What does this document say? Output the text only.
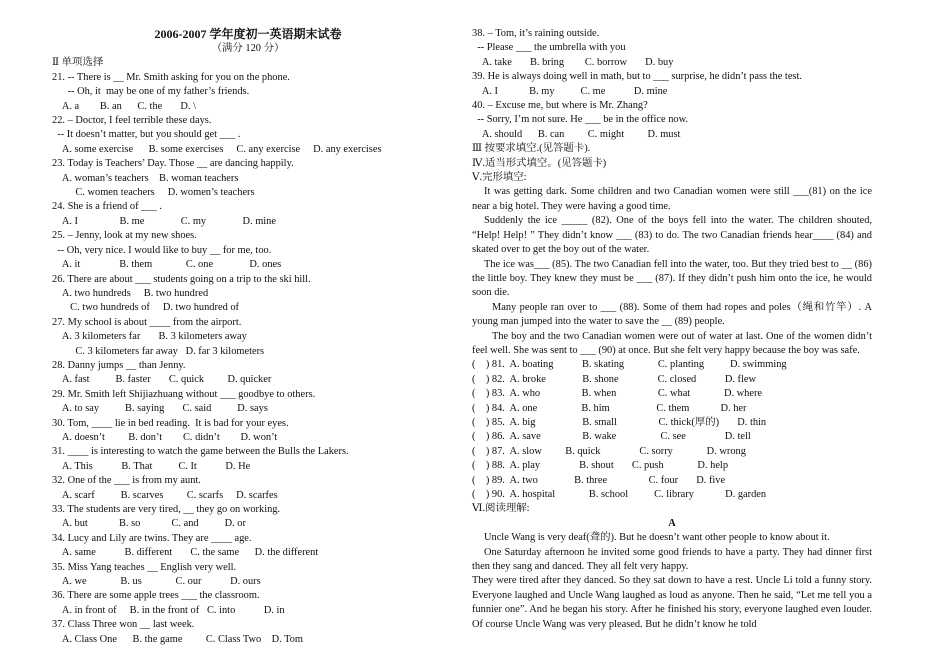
2006-2007 学年度初一英语期末试卷
（满分 120 分）
Ⅱ 单项选择
21. -- There is __ Mr. Smith asking for you on the phone.
-- Oh, it  may be one of my father’s friends.
A. a        B. an      C. the       D. \
22. – Doctor, I feel terrible these days.
-- It doesn’t matter, but you should get ___ .
A. some exercise      B. some exercises     C. any exercise     D. any exercises
23. Today is Teachers’ Day. Those __ are dancing happily.
A. woman’s teachers    B. woman teachers
C. women teachers     D. women’s teachers
24. She is a friend of ___ .
A. I                B. me              C. my              D. mine
25. – Jenny, look at my new shoes.
-- Oh, very nice. I would like to buy __ for me, too.
A. it               B. them             C. one              D. ones
26. There are about ___ students going on a trip to the ski hill.
A. two hundreds     B. two hundred
C. two hundreds of     D. two hundred of
27. My school is about ____ from the airport.
A. 3 kilometers far       B. 3 kilometers away
C. 3 kilometers far away   D. far 3 kilometers
28. Danny jumps __ than Jenny.
A. fast          B. faster       C. quick         D. quicker
29. Mr. Smith left Shijiazhuang without ___ goodbye to others.
A. to say          B. saying       C. said          D. says
30. Tom, ____ lie in bed reading.  It is bad for your eyes.
A. doesn’t         B. don’t        C. didn’t        D. won’t
31. ____ is interesting to watch the game between the Bulls the Lakers.
A. This           B. That          C. It           D. He
32. One of the ___ is from my aunt.
A. scarf          B. scarves         C. scarfs     D. scarfes
33. The students are very tired, __ they go on working.
A. but            B. so            C. and          D. or
34. Lucy and Lily are twins. They are ____ age.
A. same           B. different       C. the same      D. the different
35. Miss Yang teaches __ English very well.
A. we             B. us             C. our           D. ours
36. There are some apple trees ___ the classroom.
A. in front of     B. in the front of   C. into           D. in
37. Class Three won __ last week.
A. Class One      B. the game         C. Class Two    D. Tom
38. – Tom, it’s raining outside.
-- Please ___ the umbrella with you
A. take       B. bring        C. borrow       D. buy
39. He is always doing well in math, but to ___ surprise, he didn’t pass the test.
A. I            B. my          C. me           D. mine
40. – Excuse me, but where is Mr. Zhang?
-- Sorry, I’m not sure. He ___ be in the office now.
A. should      B. can         C. might         D. must
Ⅲ 按要求填空.(见答题卡).
Ⅳ.适当形式填空。(见答题卡)
Ⅴ.完形填空:
It was getting dark. Some children and two Canadian women were still ___(81) on the ice near a big hotel. They were having a good time.
Suddenly the ice _____ (82). One of the boys fell into the water. The children shouted, “Help! Help! ” They didn’t know ___ (83) to do. The two Canadian friends hear____ (84) and skated over to get the boy out of the water.
The ice was___ (85). The two Canadian fell into the water, too. But they tried best to __ (86) the little boy. They knew they must be ___ (87). If they didn’t push him onto the ice, he would soon die.
Many people ran over to ___ (88). Some of them had ropes and poles（绳和竹竿）. A young man jumped into the water to save the __ (89) people.
The boy and the two Canadian women were out of water at last. One of the women didn’t feel well. She was sent to ___ (90) at once. But she felt very happy because the boy was safe.
(    ) 81.  A. boating           B. skating             C. planting          D. swimming
(    ) 82.  A. broke              B. shone               C. closed           D. flew
(    ) 83.  A. who                B. when                C. what             D. where
(    ) 84.  A. one                 B. him                  C. them            D. her
(    ) 85.  A. big                  B. small                C. thick(厚的)       D. thin
(    ) 86.  A. save                B. wake                 C. see               D. tell
(    ) 87.  A. slow         B. quick               C. sorry             D. wrong
(    ) 88.  A. play               B. shout       C. push             D. help
(    ) 89.  A. two              B. three                C. four       D. five
(    ) 90.  A. hospital             B. school          C. library            D. garden
Ⅵ.阅读理解:
A
Uncle Wang is very deaf(聋的). But he doesn’t want other people to know about it.
One Saturday afternoon he invited some good friends to have a party. They had dinner first then they sang and danced. They all felt very happy.
They were tired after they danced. So they sat down to have a rest. Uncle Li told a funny story. Everyone laughed and Uncle Wang laughed as loud as anyone. Then he said, “Let me tell you a funnier one”. And he began his story. After he finished his story, everyone laughed even louder. Of course Uncle Wang was very pleased. But he didn’t know he told
